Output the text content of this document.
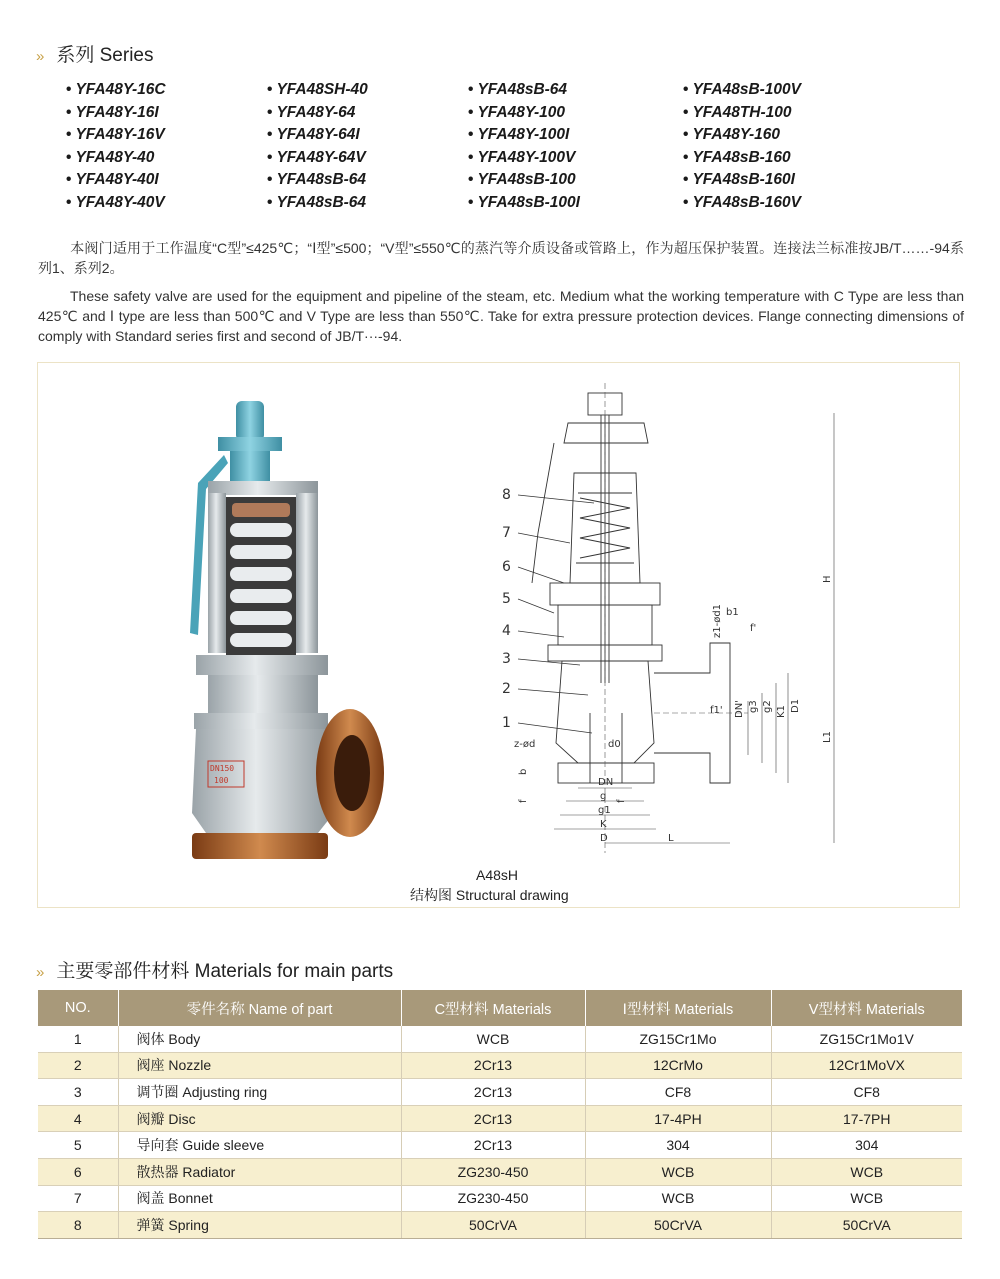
» 系列 Series
• YFA48Y-16C
• YFA48Y-16I
• YFA48Y-16V
• YFA48Y-40
• YFA48Y-40I
• YFA48Y-40V
• YFA48SH-40
• YFA48Y-64
• YFA48Y-64I
• YFA48Y-64V
• YFA48sB-64
• YFA48sB-64
• YFA48sB-64
• YFA48Y-100
• YFA48Y-100I
• YFA48Y-100V
• YFA48sB-100
• YFA48sB-100I
• YFA48sB-100V
• YFA48TH-100
• YFA48Y-160
• YFA48sB-160
• YFA48sB-160I
• YFA48sB-160V
本阀门适用于工作温度“C型”≤425℃；“Ⅰ型”≤500；“V型”≤550℃的蒸汽等介质设备或管路上，作为超压保护装置。连接法兰标准按JB/T……-94系列1、系列2。
These safety valve are used for the equipment and pipeline of the steam, etc. Medium what the working temperature with C Type are less than 425℃ and Ⅰ type are less than 500℃ and V Type are less than 550℃. Take for extra pressure protection devices. Flange connecting dimensions of comply with Standard series first and second of JB/T···-94.
DN150
100
8
7
6
5
4
3
2
1
H
L1
D1
K1
g2
g3
DN'
z1-ød1
f1'
b1
f'
DN
g
g1
K
D	L
z-ød
b
f
d0
f
A48sH
结构图 Structural drawing
» 主要零部件材料 Materials for main parts
NO.	零件名称 Name of part	C型材料 Materials	Ⅰ型材料 Materials	V型材料 Materials
1	阀体 Body	WCB	ZG15Cr1Mo	ZG15Cr1Mo1V
2	阀座 Nozzle	2Cr13	12CrMo	12Cr1MoVX
3	调节圈 Adjusting ring	2Cr13	CF8	CF8
4	阀瓣 Disc	2Cr13	17-4PH	17-7PH
5	导向套 Guide sleeve	2Cr13	304	304
6	散热器 Radiator	ZG230-450	WCB	WCB
7	阀盖 Bonnet	ZG230-450	WCB	WCB
8	弹簧 Spring	50CrVA	50CrVA	50CrVA
